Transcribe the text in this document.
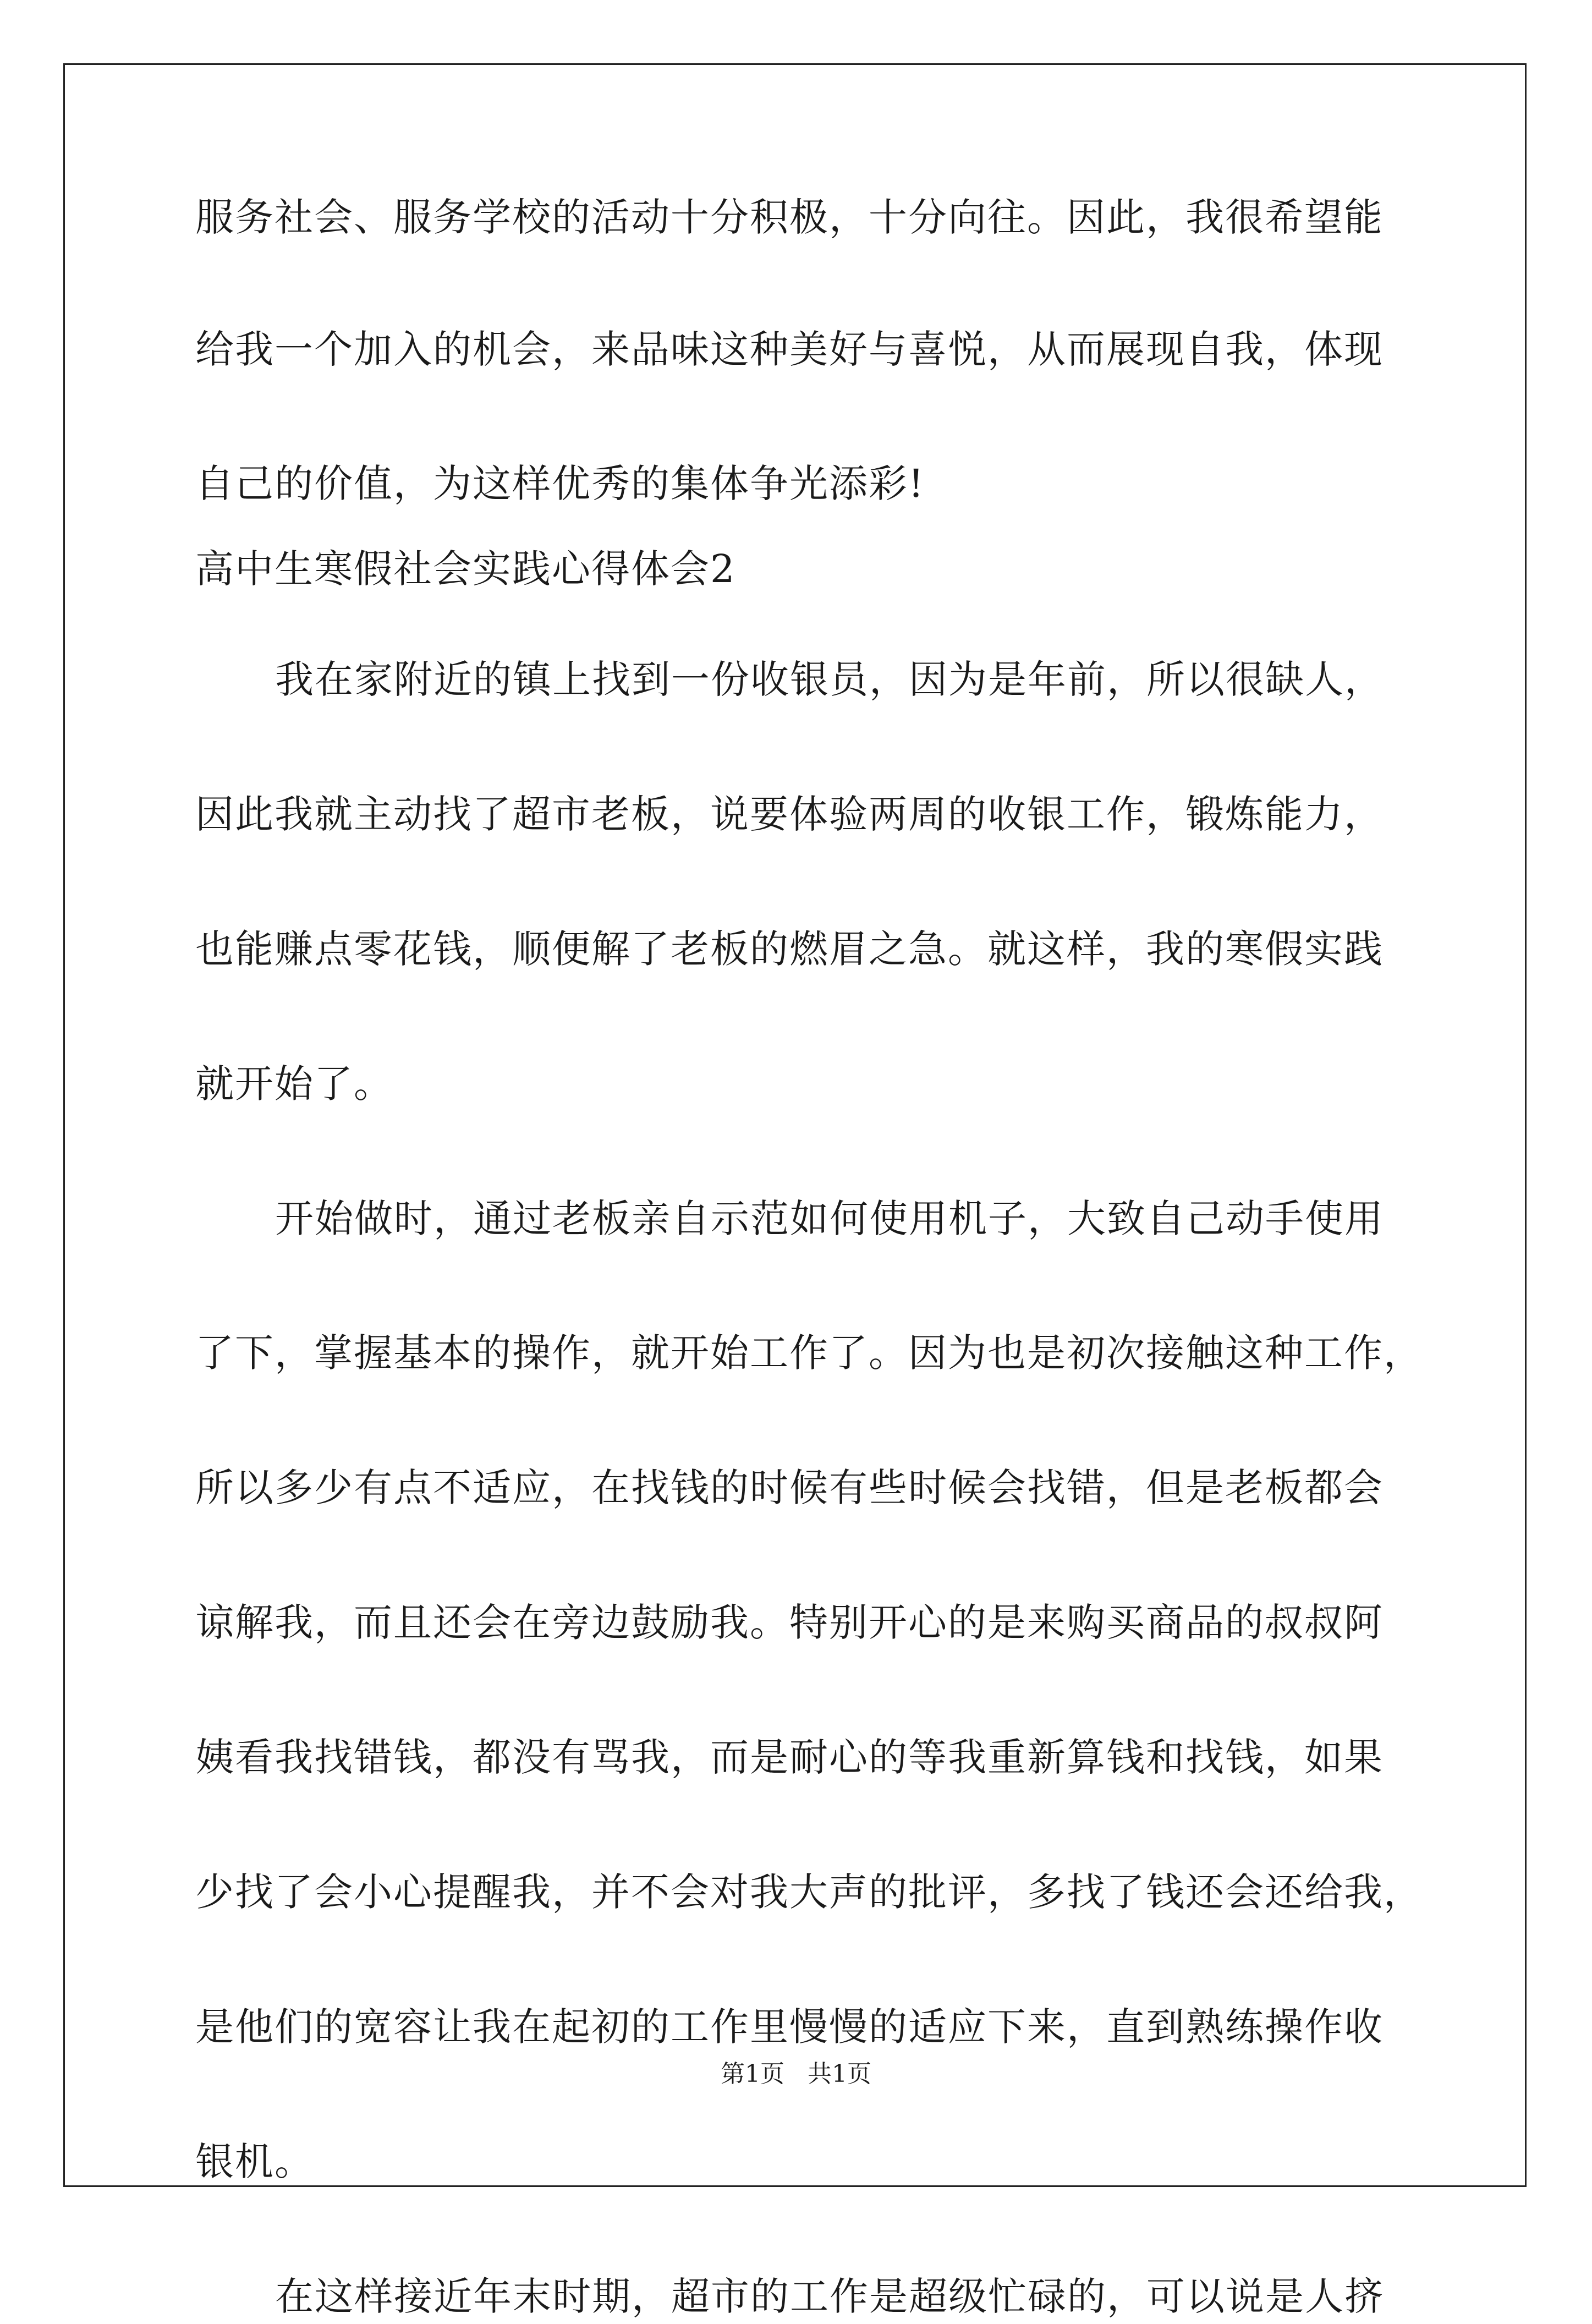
服务社会、服务学校的活动十分积极，十分向往。因此，我很希望能
给我一个加入的机会，来品味这种美好与喜悦，从而展现自我，体现
自己的价值，为这样优秀的集体争光添彩!
高中生寒假社会实践心得体会2
我在家附近的镇上找到一份收银员，因为是年前，所以很缺人，
因此我就主动找了超市老板，说要体验两周的收银工作，锻炼能力，
也能赚点零花钱，顺便解了老板的燃眉之急。就这样，我的寒假实践
就开始了。
开始做时，通过老板亲自示范如何使用机子，大致自己动手使用
了下，掌握基本的操作，就开始工作了。因为也是初次接触这种工作，
所以多少有点不适应，在找钱的时候有些时候会找错，但是老板都会
谅解我，而且还会在旁边鼓励我。特别开心的是来购买商品的叔叔阿
姨看我找错钱，都没有骂我，而是耐心的等我重新算钱和找钱，如果
少找了会小心提醒我，并不会对我大声的批评，多找了钱还会还给我，
是他们的宽容让我在起初的工作里慢慢的适应下来，直到熟练操作收
银机。
在这样接近年末时期，超市的工作是超级忙碌的，可以说是人挤
第1页 共1页
